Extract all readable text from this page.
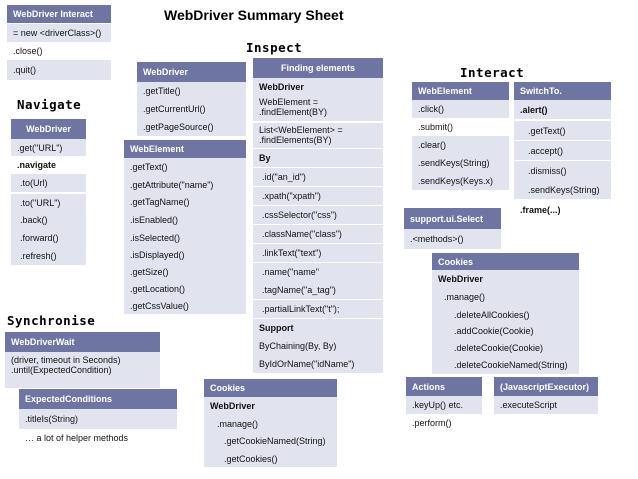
WebDriver Summary Sheet
Navigate
Inspect
Interact
Synchronise
WebDriver Interact
= new <driverClass>()
.close()
.quit()
WebDriver
.get("URL")
.navigate
.to(Url)
.to("URL")
.back()
.forward()
.refresh()
WebDriver
.getTitle()
.getCurrentUrl()
.getPageSource()
WebElement
.getText()
.getAttribute("name")
.getTagName()
.isEnabled()
.isSelected()
.isDisplayed()
.getSize()
.getLocation()
.getCssValue()
Finding elements
WebDriver
WebElement =
.findElement(BY)
List<WebElement> =
.findElements(BY)
By
.id("an_id")
.xpath("xpath")
.cssSelector("css")
.className("class")
.linkText("text")
.name("name"
.tagName("a_tag")
.partialLinkText("t");
Support
ByChaining(By, By)
ByIdOrName("idName")
WebElement
.click()
.submit()
.clear()
.sendKeys(String)
.sendKeys(Keys.x)
SwitchTo.
.alert()
.getText()
.accept()
.dismiss()
.sendKeys(String)
.frame(...)
support.ui.Select
.<methods>()
Cookies
WebDriver
.manage()
.deleteAllCookies()
.addCookie(Cookie)
.deleteCookie(Cookie)
.deleteCookieNamed(String)
WebDriverWait
(driver, timeout in Seconds)
.until(ExpectedCondition)
ExpectedConditions
.titleIs(String)
… a lot of helper methods
Cookies
WebDriver
.manage()
.getCookieNamed(String)
.getCookies()
Actions
.keyUp() etc.
.perform()
(JavascriptExecutor)
.executeScript
